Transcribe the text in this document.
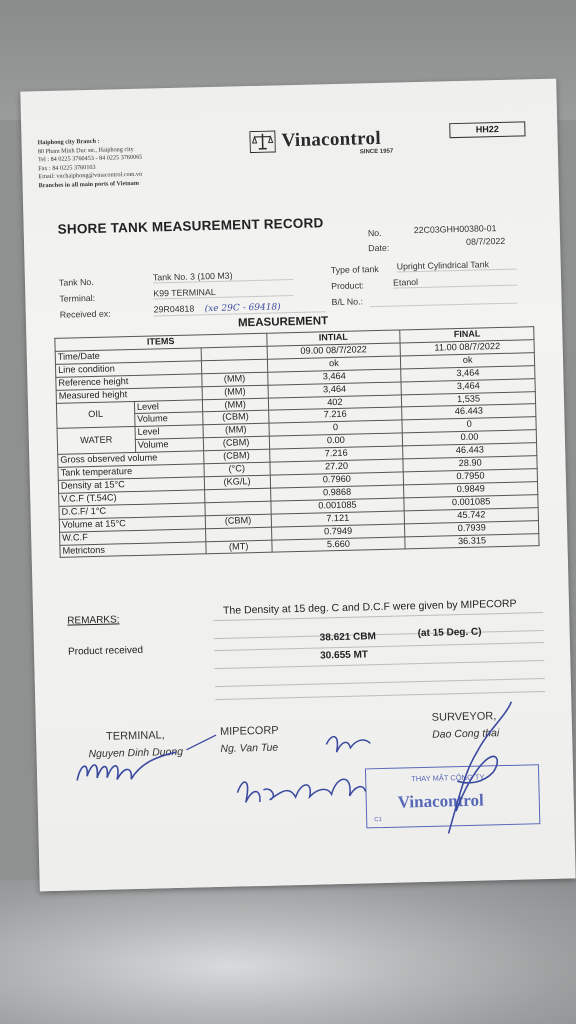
Haiphong city Branch :
80 Pham Minh Duc str., Haiphong city
Tel : 84 0225 3760453 - 84 0225 3760065
Fax : 84 0225 3760103
Email: vnchaiphong@vinacontrol.com.vn
Branches in all main ports of Vietnam
Vinacontrol
SINCE 1957
HH22
SHORE TANK MEASUREMENT RECORD	No.	22C03GHH00380-01
Date:
08/7/2022
Tank No.	Tank No. 3 (100 M3)
Terminal:	K99 TERMINAL
Received ex:	29R04818 (xe 29C - 69418)
Type of tank Upright Cylindrical Tank
Product:	Etanol
B/L No.:
MEASUREMENT
ITEMS			INTIAL	FINAL
Time/Date			09.00 08/7/2022	11.00 08/7/2022
Line condition			ok	ok
Reference height		(MM)	3,464	3,464
Measured height		(MM)	3,464	3,464
OIL	Level	(MM)	402	1,535
	Volume	(CBM)	7.216	46.443
WATER	Level	(MM)	0	0
	Volume	(CBM)	0.00	0.00
Gross observed volume		(CBM)	7.216	46.443
Tank temperature		(°C)	27.20	28.90
Density at 15°C		(KG/L)	0.7960	0.7950
V.C.F (T.54C)			0.9868	0.9849
D.C.F/ 1°C			0.001085	0.001085
Volume at 15°C		(CBM)	7.121	45.742
W.C.F			0.7949	0.7939
Metrictons		(MT)	5.660	36.315
REMARKS:
The Density at 15 deg. C and D.C.F were given by MIPECORP
Product received
38.621 CBM	(at 15 Deg. C)
30.655 MT
TERMINAL,
Nguyen Dinh Duong
MIPECORP
Ng. Van Tue
SURVEYOR,
Dao Cong thai
THAY MẶT CÔNG TY
Vinacontrol
C1
